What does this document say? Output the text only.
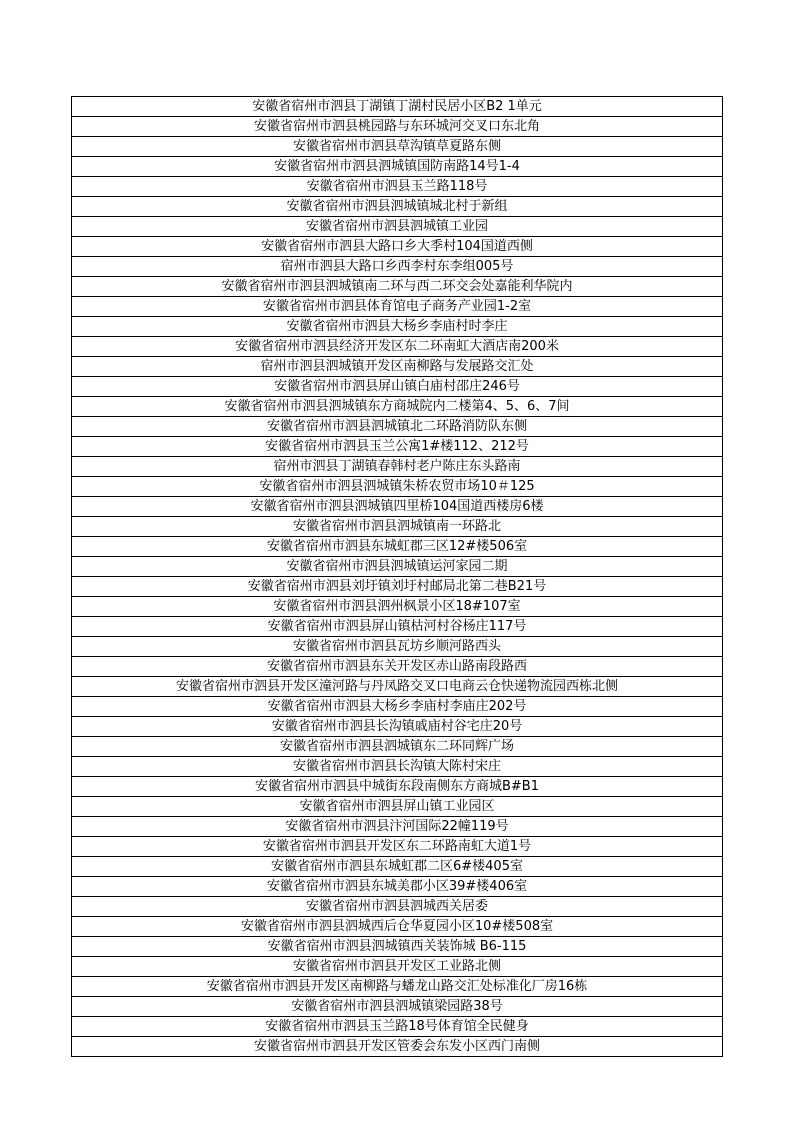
安徽省宿州市泗县丁湖镇丁湖村民居小区B2 1单元
安徽省宿州市泗县桃园路与东环城河交叉口东北角
安徽省宿州市泗县草沟镇草夏路东侧
安徽省宿州市泗县泗城镇国防南路14号1-4
安徽省宿州市泗县玉兰路118号
安徽省宿州市泗县泗城镇城北村于新组
安徽省宿州市泗县泗城镇工业园
安徽省宿州市泗县大路口乡大季村104国道西侧
宿州市泗县大路口乡西李村东李组005号
安徽省宿州市泗县泗城镇南二环与西二环交会处嘉能利华院内
安徽省宿州市泗县体育馆电子商务产业园1-2室
安徽省宿州市泗县大杨乡李庙村时李庄
安徽省宿州市泗县经济开发区东二环南虹大酒店南200米
宿州市泗县泗城镇开发区南柳路与发展路交汇处
安徽省宿州市泗县屏山镇白庙村邵庄246号
安徽省宿州市泗县泗城镇东方商城院内二楼第4、5、6、7间
安徽省宿州市泗县泗城镇北二环路消防队东侧
安徽省宿州市泗县玉兰公寓1#楼112、212号
宿州市泗县丁湖镇春韩村老户陈庄东头路南
安徽省宿州市泗县泗城镇朱桥农贸市场10＃125
安徽省宿州市泗县泗城镇四里桥104国道西楼房6楼
安徽省宿州市泗县泗城镇南一环路北
安徽省宿州市泗县东城虹郡三区12#楼506室
安徽省宿州市泗县泗城镇运河家园二期
安徽省宿州市泗县刘圩镇刘圩村邮局北第二巷B21号
安徽省宿州市泗县泗州枫景小区18#107室
安徽省宿州市泗县屏山镇枯河村谷杨庄117号
安徽省宿州市泗县瓦坊乡顺河路西头
安徽省宿州市泗县东关开发区赤山路南段路西
安徽省宿州市泗县开发区潼河路与丹凤路交叉口电商云仓快递物流园西栋北侧
安徽省宿州市泗县大杨乡李庙村李庙庄202号
安徽省宿州市泗县长沟镇戚庙村谷宅庄20号
安徽省宿州市泗县泗城镇东二环同辉广场
安徽省宿州市泗县长沟镇大陈村宋庄
安徽省宿州市泗县中城街东段南侧东方商城B#B1
安徽省宿州市泗县屏山镇工业园区
安徽省宿州市泗县汴河国际22幢119号
安徽省宿州市泗县开发区东二环路南虹大道1号
安徽省宿州市泗县东城虹郡二区6#楼405室
安徽省宿州市泗县东城美郡小区39#楼406室
安徽省宿州市泗县泗城西关居委
安徽省宿州市泗县泗城西后仓华夏园小区10#楼508室
安徽省宿州市泗县泗城镇西关装饰城 B6-115
安徽省宿州市泗县开发区工业路北侧
安徽省宿州市泗县开发区南柳路与蟠龙山路交汇处标准化厂房16栋
安徽省宿州市泗县泗城镇梁园路38号
安徽省宿州市泗县玉兰路18号体育馆全民健身
安徽省宿州市泗县开发区管委会东发小区西门南侧
